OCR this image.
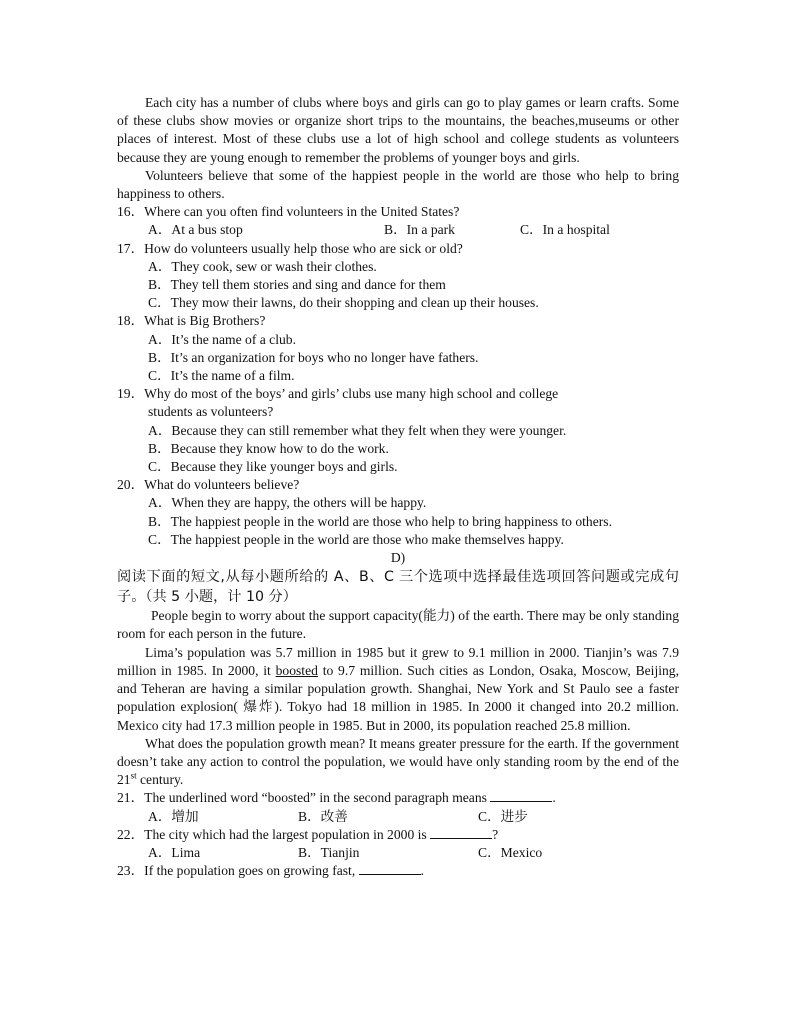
Each city has a number of clubs where boys and girls can go to play games or learn crafts. Some of these clubs show movies or organize short trips to the mountains, the beaches,museums or other places of interest. Most of these clubs use a lot of high school and college students as volunteers because they are young enough to remember the problems of younger boys and girls.

Volunteers believe that some of the happiest people in the world are those who help to bring happiness to others.

16．Where can you often find volunteers in the United States?
A．At a bus stop	B．In a park	C．In a hospital
17．How do volunteers usually help those who are sick or old?
A．They cook, sew or wash their clothes.
B．They tell them stories and sing and dance for them
C．They mow their lawns, do their shopping and clean up their houses.
18．What is Big Brothers?
A．It’s the name of a club.
B．It’s an organization for boys who no longer have fathers.
C．It’s the name of a film.
19．Why do most of the boys’ and girls’ clubs use many high school and college
students as volunteers?
A．Because they can still remember what they felt when they were younger.
B．Because they know how to do the work.
C．Because they like younger boys and girls.
20．What do volunteers believe?
A．When they are happy, the others will be happy.
B．The happiest people in the world are those who help to bring happiness to others.
C．The happiest people in the world are those who make themselves happy.
D)

阅读下面的短文,从每小题所给的 A、B、C 三个选项中选择最佳选项回答问题或完成句子。（共 5 小题，计 10 分）

People begin to worry about the support capacity(能力) of the earth. There may be only standing room for each person in the future.

Lima’s population was 5.7 million in 1985 but it grew to 9.1 million in 2000. Tianjin’s was 7.9 million in 1985. In 2000, it boosted to 9.7 million. Such cities as London, Osaka, Moscow, Beijing, and Teheran are having a similar population growth. Shanghai, New York and St Paulo see a faster population explosion( 爆炸). Tokyo had 18 million in 1985. In 2000 it changed into 20.2 million. Mexico city had 17.3 million people in 1985. But in 2000, its population reached 25.8 million.

What does the population growth mean? It means greater pressure for the earth. If the government doesn’t take any action to control the population, we would have only standing room by the end of the 21st century.

21．The underlined word “boosted” in the second paragraph means	.
A．增加	B．改善	C．进步
22．The city which had the largest population in 2000 is	?
A．Lima	B．Tianjin	C．Mexico
23．If the population goes on growing fast,	.
